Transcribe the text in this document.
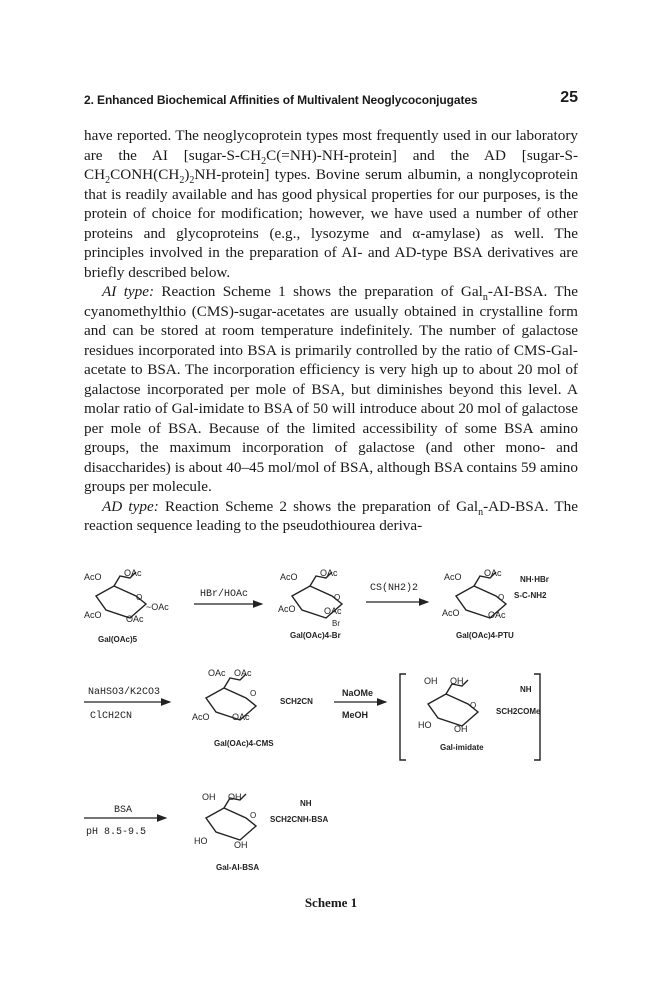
2. Enhanced Biochemical Affinities of Multivalent Neoglycoconjugates	25

have reported. The neoglycoprotein types most frequently used in our laboratory are the AI $[sugar-S-CH_2C(=NH)-NH-protein]$ and the AD $[sugar-S-CH_2CONH(CH_2)_2NH-protein]$ types. Bovine serum albumin, a nonglycoprotein that is readily available and has good physical properties for our purposes, is the protein of choice for modification; however, we have used a number of other proteins and glycoproteins (e.g., lysozyme and α-amylase) as well. The principles involved in the preparation of AI- and AD-type BSA derivatives are briefly described below.

AI type: Reaction Scheme 1 shows the preparation of Gal$_n$-AI-BSA. The cyanomethylthio (CMS)-sugar-acetates are usually obtained in crystalline form and can be stored at room temperature indefinitely. The number of galactose residues incorporated into BSA is primarily controlled by the ratio of CMS-Gal-acetate to BSA. The incorporation efficiency is very high up to about 20 mol of galactose incorporated per mole of BSA, but diminishes beyond this level. A molar ratio of Gal-imidate to BSA of 50 will introduce about 20 mol of galactose per mole of BSA. Because of the limited accessibility of some BSA amino groups, the maximum incorporation of galactose (and other mono- and disaccharides) is about 40–45 mol/mol of BSA, although BSA contains 59 amino groups per molecule.

AD type: Reaction Scheme 2 shows the preparation of Gal$_n$-AD-BSA. The reaction sequence leading to the pseudothiourea deriva-

AcO OAc
O
~OAc
AcO	OAc
Gal(OAc)5
HBr/HOAc
AcO OAc
O
AcO	OAc
Br
Gal(OAc)4-Br
CS(NH2)2
AcO OAc
O
NH·HBr
S-C-NH2
AcO	OAc
Gal(OAc)4-PTU
NaHSO3/K2CO3
ClCH2CN
OAc OAc
O
SCH2CN
AcO OAc
Gal(OAc)4-CMS
NaOMe
MeOH
OH OH
O
NH
SCH2COMe
HO	OH
Gal-imidate
BSA
pH 8.5-9.5
OH OH
O
NH
SCH2CNH-BSA
HO	OH
Gal-AI-BSA
Scheme 1
